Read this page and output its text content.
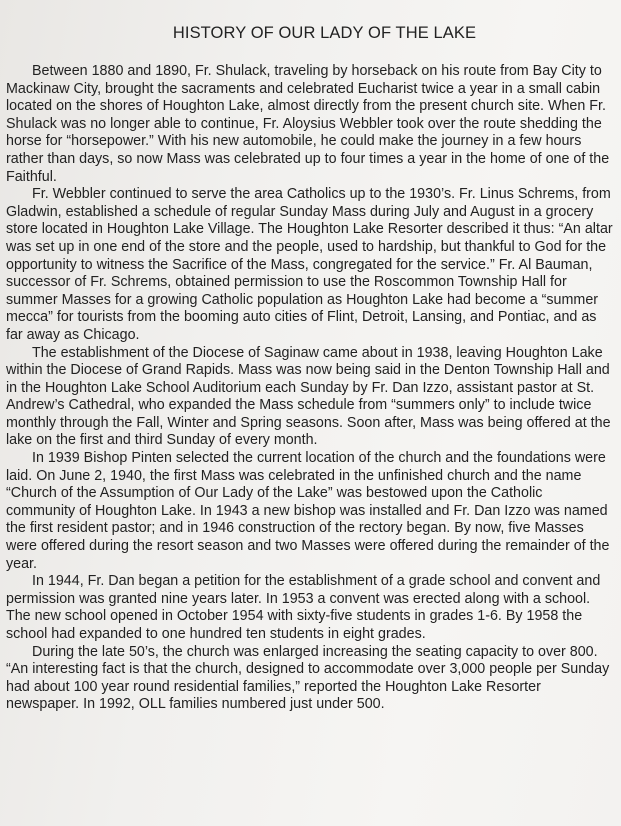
HISTORY OF OUR LADY OF THE LAKE

Between 1880 and 1890, Fr. Shulack, traveling by horseback on his route from Bay City to Mackinaw City, brought the sacraments and celebrated Eucharist twice a year in a small cabin located on the shores of Houghton Lake, almost directly from the present church site. When Fr. Shulack was no longer able to continue, Fr. Aloysius Webbler took over the route shedding the horse for “horsepower.” With his new automobile, he could make the journey in a few hours rather than days, so now Mass was celebrated up to four times a year in the home of one of the Faithful.

Fr. Webbler continued to serve the area Catholics up to the 1930’s. Fr. Linus Schrems, from Gladwin, established a schedule of regular Sunday Mass during July and August in a grocery store located in Houghton Lake Village. The Houghton Lake Resorter described it thus: “An altar was set up in one end of the store and the people, used to hardship, but thankful to God for the opportunity to witness the Sacrifice of the Mass, congregated for the service.” Fr. Al Bauman, successor of Fr. Schrems, obtained permission to use the Roscommon Township Hall for summer Masses for a growing Catholic population as Houghton Lake had become a “summer mecca” for tourists from the booming auto cities of Flint, Detroit, Lansing, and Pontiac, and as far away as Chicago.

The establishment of the Diocese of Saginaw came about in 1938, leaving Houghton Lake within the Diocese of Grand Rapids. Mass was now being said in the Denton Township Hall and in the Houghton Lake School Auditorium each Sunday by Fr. Dan Izzo, assistant pastor at St. Andrew’s Cathedral, who expanded the Mass schedule from “summers only” to include twice monthly through the Fall, Winter and Spring seasons. Soon after, Mass was being offered at the lake on the first and third Sunday of every month.

In 1939 Bishop Pinten selected the current location of the church and the foundations were laid. On June 2, 1940, the first Mass was celebrated in the unfinished church and the name “Church of the Assumption of Our Lady of the Lake” was bestowed upon the Catholic community of Houghton Lake. In 1943 a new bishop was installed and Fr. Dan Izzo was named the first resident pastor; and in 1946 construction of the rectory began. By now, five Masses were offered during the resort season and two Masses were offered during the remainder of the year.

In 1944, Fr. Dan began a petition for the establishment of a grade school and convent and permission was granted nine years later. In 1953 a convent was erected along with a school. The new school opened in October 1954 with sixty-five students in grades 1-6. By 1958 the school had expanded to one hundred ten students in eight grades.

During the late 50’s, the church was enlarged increasing the seating capacity to over 800. “An interesting fact is that the church, designed to accommodate over 3,000 people per Sunday had about 100 year round residential families,” reported the Houghton Lake Resorter newspaper. In 1992, OLL families numbered just under 500.
